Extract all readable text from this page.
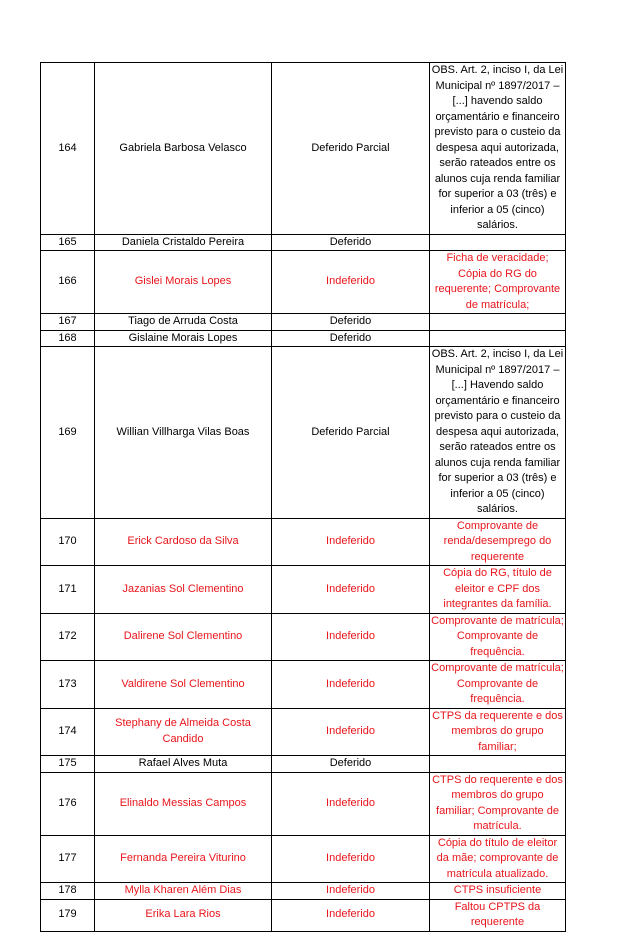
164	Gabriela Barbosa Velasco	Deferido Parcial	OBS. Art. 2, inciso I, da Lei Municipal nº 1897/2017 – [...] havendo saldo orçamentário e financeiro previsto para o custeio da despesa aqui autorizada, serão rateados entre os alunos cuja renda familiar for superior a 03 (três) e inferior a 05 (cinco) salários.
165	Daniela Cristaldo Pereira	Deferido	
166	Gislei Morais Lopes	Indeferido	Ficha de veracidade; Cópia do RG do requerente; Comprovante de matrícula;
167	Tiago de Arruda Costa	Deferido	
168	Gislaine Morais Lopes	Deferido	
169	Willian Villharga Vilas Boas	Deferido Parcial	OBS. Art. 2, inciso I, da Lei Municipal nº 1897/2017 – [...] Havendo saldo orçamentário e financeiro previsto para o custeio da despesa aqui autorizada, serão rateados entre os alunos cuja renda familiar for superior a 03 (três) e inferior a 05 (cinco) salários.
170	Erick Cardoso da Silva	Indeferido	Comprovante de renda/desemprego do requerente
171	Jazanias Sol Clementino	Indeferido	Cópia do RG, título de eleitor e CPF dos integrantes da família.
172	Dalirene Sol Clementino	Indeferido	Comprovante de matrícula; Comprovante de frequência.
173	Valdirene Sol Clementino	Indeferido	Comprovante de matrícula; Comprovante de frequência.
174	Stephany de Almeida Costa Candido	Indeferido	CTPS da requerente e dos membros do grupo familiar;
175	Rafael Alves Muta	Deferido	
176	Elinaldo Messias Campos	Indeferido	CTPS do requerente e dos membros do grupo familiar; Comprovante de matrícula.
177	Fernanda Pereira Viturino	Indeferido	Cópia do título de eleitor da mãe; comprovante de matrícula atualizado.
178	Mylla Kharen Além Dias	Indeferido	CTPS insuficiente
179	Erika Lara Rios	Indeferido	Faltou CPTPS da requerente
